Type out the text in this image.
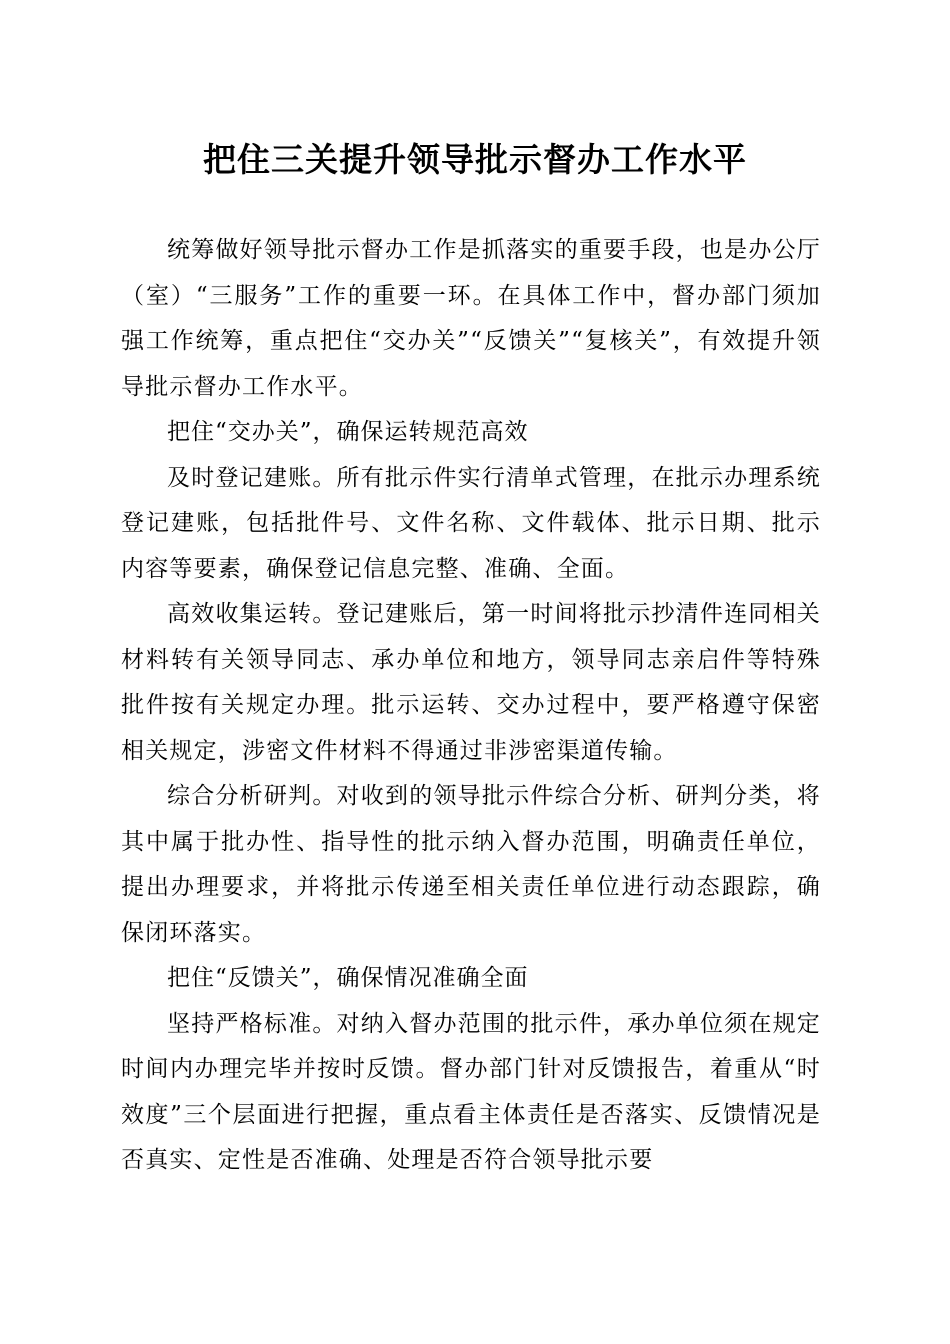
把住三关提升领导批示督办工作水平

统筹做好领导批示督办工作是抓落实的重要手段，也是办公厅（室）“三服务”工作的重要一环。在具体工作中，督办部门须加强工作统筹，重点把住“交办关”“反馈关”“复核关”，有效提升领导批示督办工作水平。

把住“交办关”，确保运转规范高效

及时登记建账。所有批示件实行清单式管理，在批示办理系统登记建账，包括批件号、文件名称、文件载体、批示日期、批示内容等要素，确保登记信息完整、准确、全面。

高效收集运转。登记建账后，第一时间将批示抄清件连同相关材料转有关领导同志、承办单位和地方，领导同志亲启件等特殊批件按有关规定办理。批示运转、交办过程中，要严格遵守保密相关规定，涉密文件材料不得通过非涉密渠道传输。

综合分析研判。对收到的领导批示件综合分析、研判分类，将其中属于批办性、指导性的批示纳入督办范围，明确责任单位，提出办理要求，并将批示传递至相关责任单位进行动态跟踪，确保闭环落实。

把住“反馈关”，确保情况准确全面

坚持严格标准。对纳入督办范围的批示件，承办单位须在规定时间内办理完毕并按时反馈。督办部门针对反馈报告，着重从“时效度”三个层面进行把握，重点看主体责任是否落实、反馈情况是否真实、定性是否准确、处理是否符合领导批示要
